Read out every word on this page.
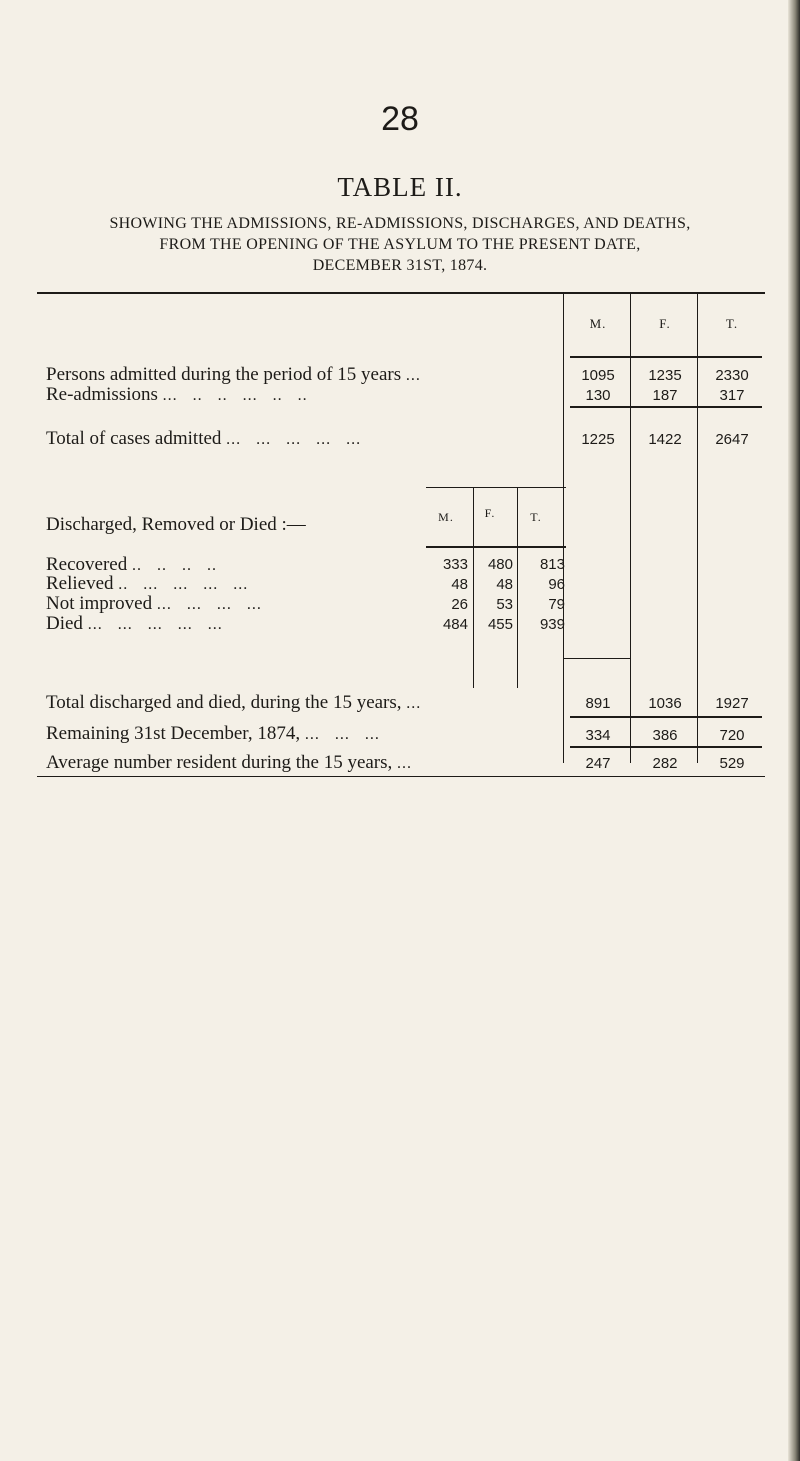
28
TABLE II.
SHOWING THE ADMISSIONS, RE-ADMISSIONS, DISCHARGES, AND DEATHS,
FROM THE OPENING OF THE ASYLUM TO THE PRESENT DATE,
DECEMBER 31ST, 1874.
M.	F.	T.
Persons admitted during the period of 15 years ...	1095	1235	2330
Re-admissions ...   ..   ..   ...   ..   ..	130	187	317
Total of cases admitted ...   ...   ...   ...   ...	1225	1422	2647
Discharged, Removed or Died :—	M.	F.	T.
Recovered ..   ..   ..   ..	333	480	813
Relieved ..   ...   ...   ...   ...	48	48	96
Not improved ...   ...   ...   ...	26	53	79
Died ...   ...   ...   ...   ...	484	455	939
Total discharged and died, during the 15 years, ...	891	1036	1927
Remaining 31st December, 1874, ...   ...   ...	334	386	720
Average number resident during the 15 years, ...	247	282	529
